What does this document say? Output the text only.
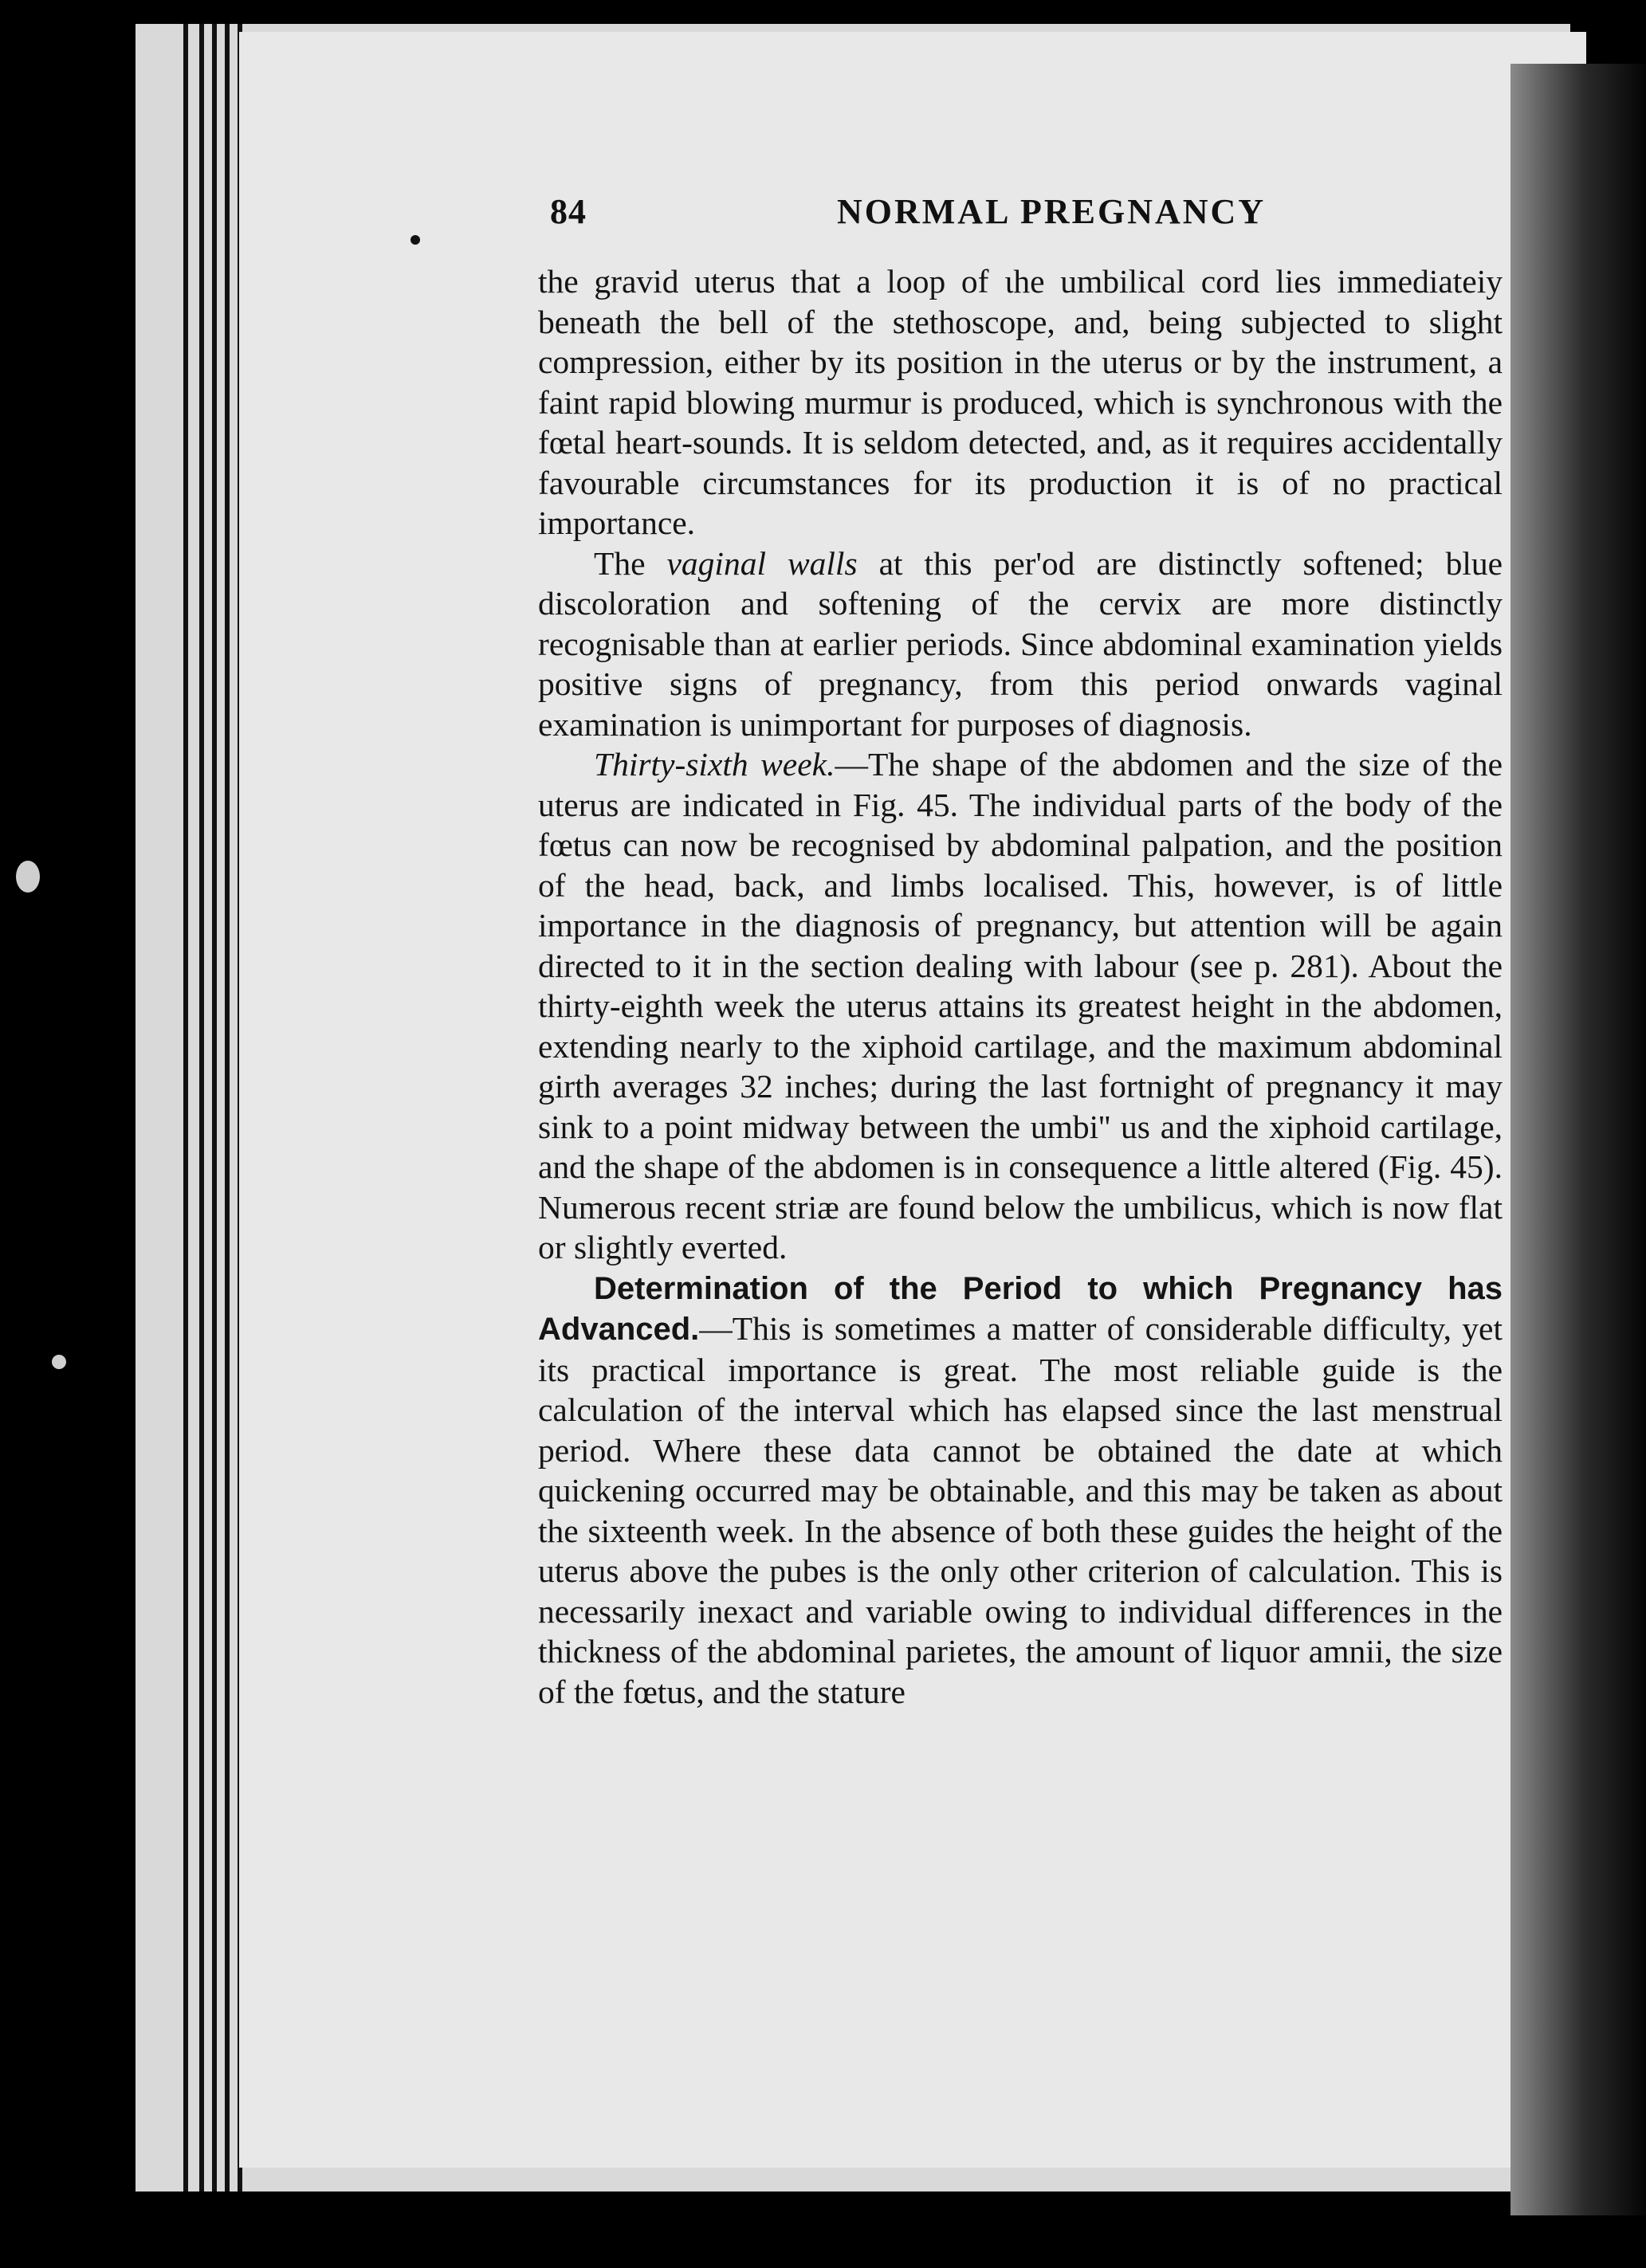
84	NORMAL PREGNANCY

the gravid uterus that a loop of ɩhe umbilical cord lies immediateiy beneath the bell of the stethoscope, and, being subjected to slight compression, either by its position in the uterus or by the instrument, a faint rapid blowing murmur is produced, which is synchronous with the fœtal heart-sounds. It is seldom detected, and, as it requires accidentally favourable circumstances for its production it is of no practical importance.

The vaginal walls at this per'od are distinctly softened; blue discoloration and softening of the cervix are more distinctly recognisable than at earlier periods. Since abdominal examination yields positive signs of pregnancy, from this period onwards vaginal examination is unimportant for purposes of diagnosis.

Thirty-sixth week.—The shape of the abdomen and the size of the uterus are indicated in Fig. 45. The individual parts of the body of the fœtus can now be recognised by abdominal palpation, and the position of the head, back, and limbs localised. This, however, is of little importance in the diagnosis of pregnancy, but attention will be again directed to it in the section dealing with labour (see p. 281). About the thirty-eighth week the uterus attains its greatest height in the abdomen, extending nearly to the xiphoid cartilage, and the maximum abdominal girth averages 32 inches; during the last fortnight of pregnancy it may sink to a point midway between the umbi'' us and the xiphoid cartilage, and the shape of the abdomen is in consequence a little altered (Fig. 45). Numerous recent striæ are found below the umbilicus, which is now flat or slightly everted.

Determination of the Period to which Pregnancy has Advanced.—This is sometimes a matter of considerable difficulty, yet its practical importance is great. The most reliable guide is the calculation of the interval which has elapsed since the last menstrual period. Where these data cannot be obtained the date at which quickening occurred may be obtainable, and this may be taken as about the sixteenth week. In the absence of both these guides the height of the uterus above the pubes is the only other criterion of calculation. This is necessarily inexact and variable owing to individual differences in the thickness of the abdominal parietes, the amount of liquor amnii, the size of the fœtus, and the stature
